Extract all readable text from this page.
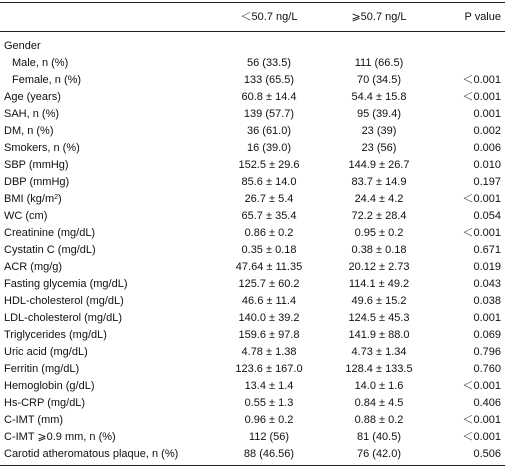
	＜50.7 ng/L	⩾50.7 ng/L	P value
Gender			
Male, n (%)	56 (33.5)	111 (66.5)	
Female, n (%)	133 (65.5)	70 (34.5)	＜0.001
Age (years)	60.8 ± 14.4	54.4 ± 15.8	＜0.001
SAH, n (%)	139 (57.7)	95 (39.4)	0.001
DM, n (%)	36 (61.0)	23 (39)	0.002
Smokers, n (%)	16 (39.0)	23 (56)	0.006
SBP (mmHg)	152.5 ± 29.6	144.9 ± 26.7	0.010
DBP (mmHg)	85.6 ± 14.0	83.7 ± 14.9	0.197
BMI $(kg/m^2)$	26.7 ± 5.4	24.4 ± 4.2	＜0.001
WC (cm)	65.7 ± 35.4	72.2 ± 28.4	0.054
Creatinine (mg/dL)	0.86 ± 0.2	0.95 ± 0.2	＜0.001
Cystatin C (mg/dL)	0.35 ± 0.18	0.38 ± 0.18	0.671
ACR (mg/g)	47.64 ± 11.35	20.12 ± 2.73	0.019
Fasting glycemia (mg/dL)	125.7 ± 60.2	114.1 ± 49.2	0.043
HDL-cholesterol (mg/dL)	46.6 ± 11.4	49.6 ± 15.2	0.038
LDL-cholesterol (mg/dL)	140.0 ± 39.2	124.5 ± 45.3	0.001
Triglycerides (mg/dL)	159.6 ± 97.8	141.9 ± 88.0	0.069
Uric acid (mg/dL)	4.78 ± 1.38	4.73 ± 1.34	0.796
Ferritin (mg/dL)	123.6 ± 167.0	128.4 ± 133.5	0.760
Hemoglobin (g/dL)	13.4 ± 1.4	14.0 ± 1.6	＜0.001
Hs-CRP (mg/dL)	0.55 ± 1.3	0.84 ± 4.5	0.406
C-IMT (mm)	0.96 ± 0.2	0.88 ± 0.2	＜0.001
C-IMT ⩾0.9 mm, n (%)	112 (56)	81 (40.5)	＜0.001
Carotid atheromatous plaque, n (%)	88 (46.56)	76 (42.0)	0.506
